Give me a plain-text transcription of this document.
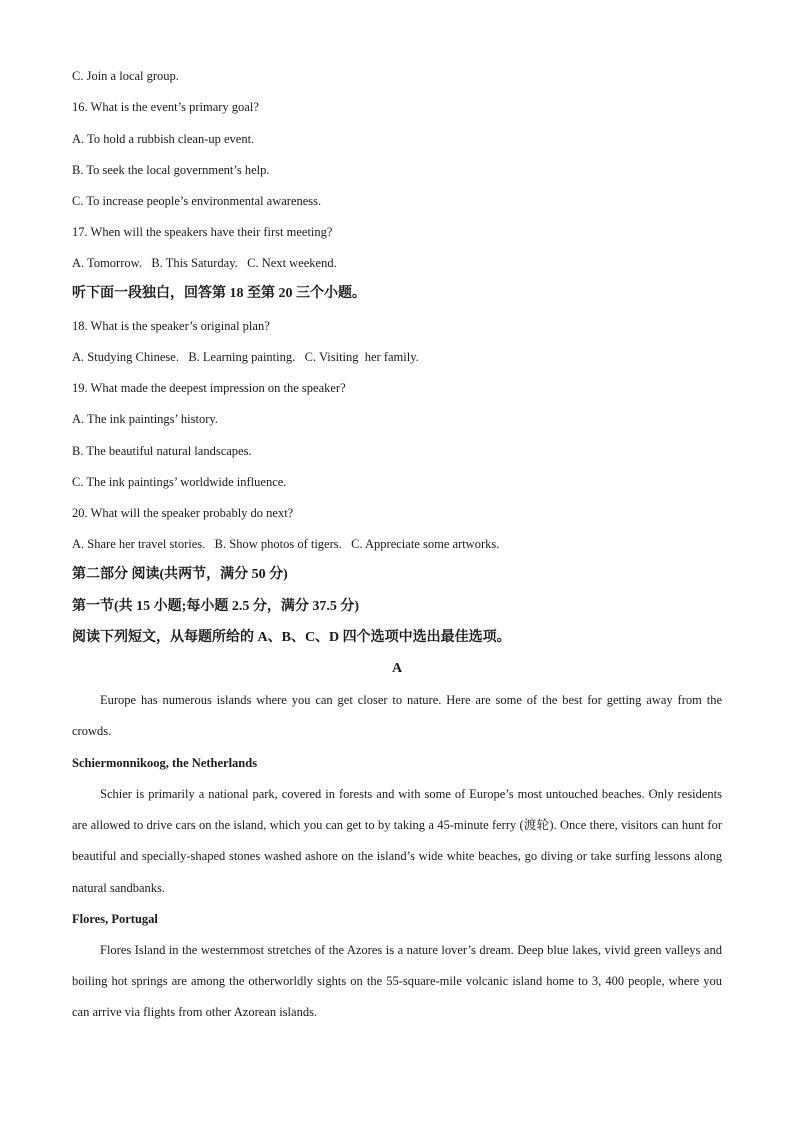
C. Join a local group.
16. What is the event’s primary goal?
A. To hold a rubbish clean-up event.
B. To seek the local government’s help.
C. To increase people’s environmental awareness.
17. When will the speakers have their first meeting?
A. Tomorrow.   B. This Saturday.   C. Next weekend.
听下面一段独白，回答第 18 至第 20 三个小题。
18. What is the speaker’s original plan?
A. Studying Chinese.   B. Learning painting.   C. Visiting  her family.
19. What made the deepest impression on the speaker?
A. The ink paintings’ history.
B. The beautiful natural landscapes.
C. The ink paintings’ worldwide influence.
20. What will the speaker probably do next?
A. Share her travel stories.   B. Show photos of tigers.   C. Appreciate some artworks.
第二部分 阅读(共两节，满分 50 分)
第一节(共 15 小题;每小题 2.5 分，满分 37.5 分)
阅读下列短文，从每题所给的 A、B、C、D 四个选项中选出最佳选项。
A
Europe has numerous islands where you can get closer to nature. Here are some of the best for getting away from the crowds.
Schiermonnikoog, the Netherlands
Schier is primarily a national park, covered in forests and with some of Europe’s most untouched beaches. Only residents are allowed to drive cars on the island, which you can get to by taking a 45-minute ferry (渡轮). Once there, visitors can hunt for beautiful and specially-shaped stones washed ashore on the island’s wide white beaches, go diving or take surfing lessons along natural sandbanks.
Flores, Portugal
Flores Island in the westernmost stretches of the Azores is a nature lover’s dream. Deep blue lakes, vivid green valleys and boiling hot springs are among the otherworldly sights on the 55-square-mile volcanic island home to 3, 400 people, where you can arrive via flights from other Azorean islands.
